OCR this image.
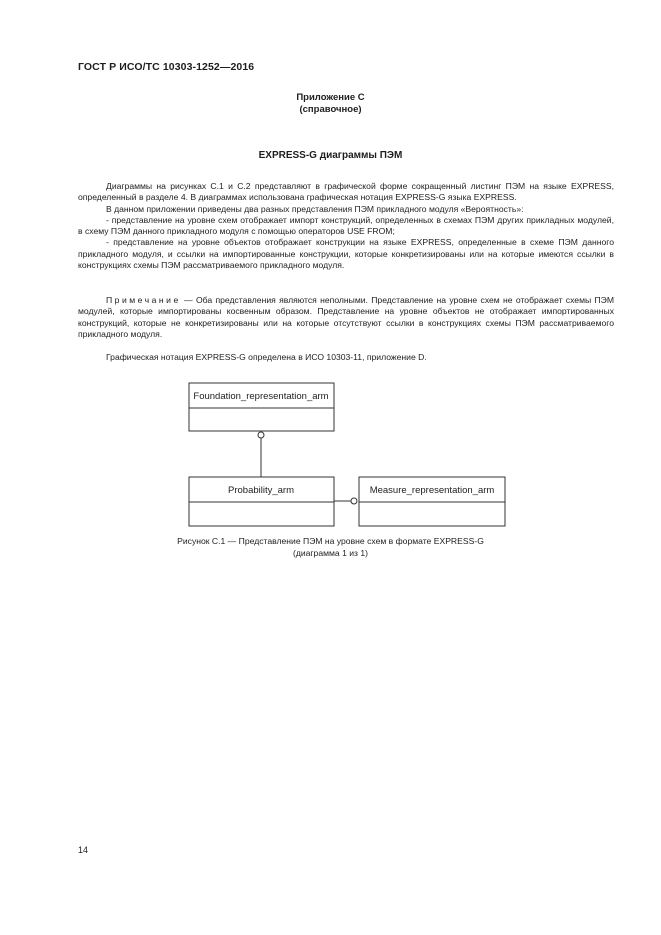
ГОСТ Р ИСО/ТС 10303-1252—2016
Приложение С
(справочное)
EXPRESS-G диаграммы ПЭМ

Диаграммы на рисунках С.1 и С.2 представляют в графической форме сокращенный листинг ПЭМ на языке EXPRESS, определенный в разделе 4. В диаграммах использована графическая нотация EXPRESS-G языка EXPRESS.

В данном приложении приведены два разных представления ПЭМ прикладного модуля «Вероятность»:

- представление на уровне схем отображает импорт конструкций, определенных в схемах ПЭМ других прикладных модулей, в схему ПЭМ данного прикладного модуля с помощью операторов USE FROM;

- представление на уровне объектов отображает конструкции на языке EXPRESS, определенные в схеме ПЭМ данного прикладного модуля, и ссылки на импортированные конструкции, которые конкретизированы или на которые имеются ссылки в конструкциях схемы ПЭМ рассматриваемого прикладного модуля.

Примечание — Оба представления являются неполными. Представление на уровне схем не отображает схемы ПЭМ модулей, которые импортированы косвенным образом. Представление на уровне объектов не отображает импортированных конструкций, которые не конкретизированы или на которые отсутствуют ссылки в конструкциях схемы ПЭМ рассматриваемого прикладного модуля.

Графическая нотация EXPRESS-G определена в ИСО 10303-11, приложение D.

Foundation_representation_arm
Probability_arm	Measure_representation_arm
Рисунок С.1 — Представление ПЭМ на уровне схем в формате EXPRESS-G
(диаграмма 1 из 1)
14
